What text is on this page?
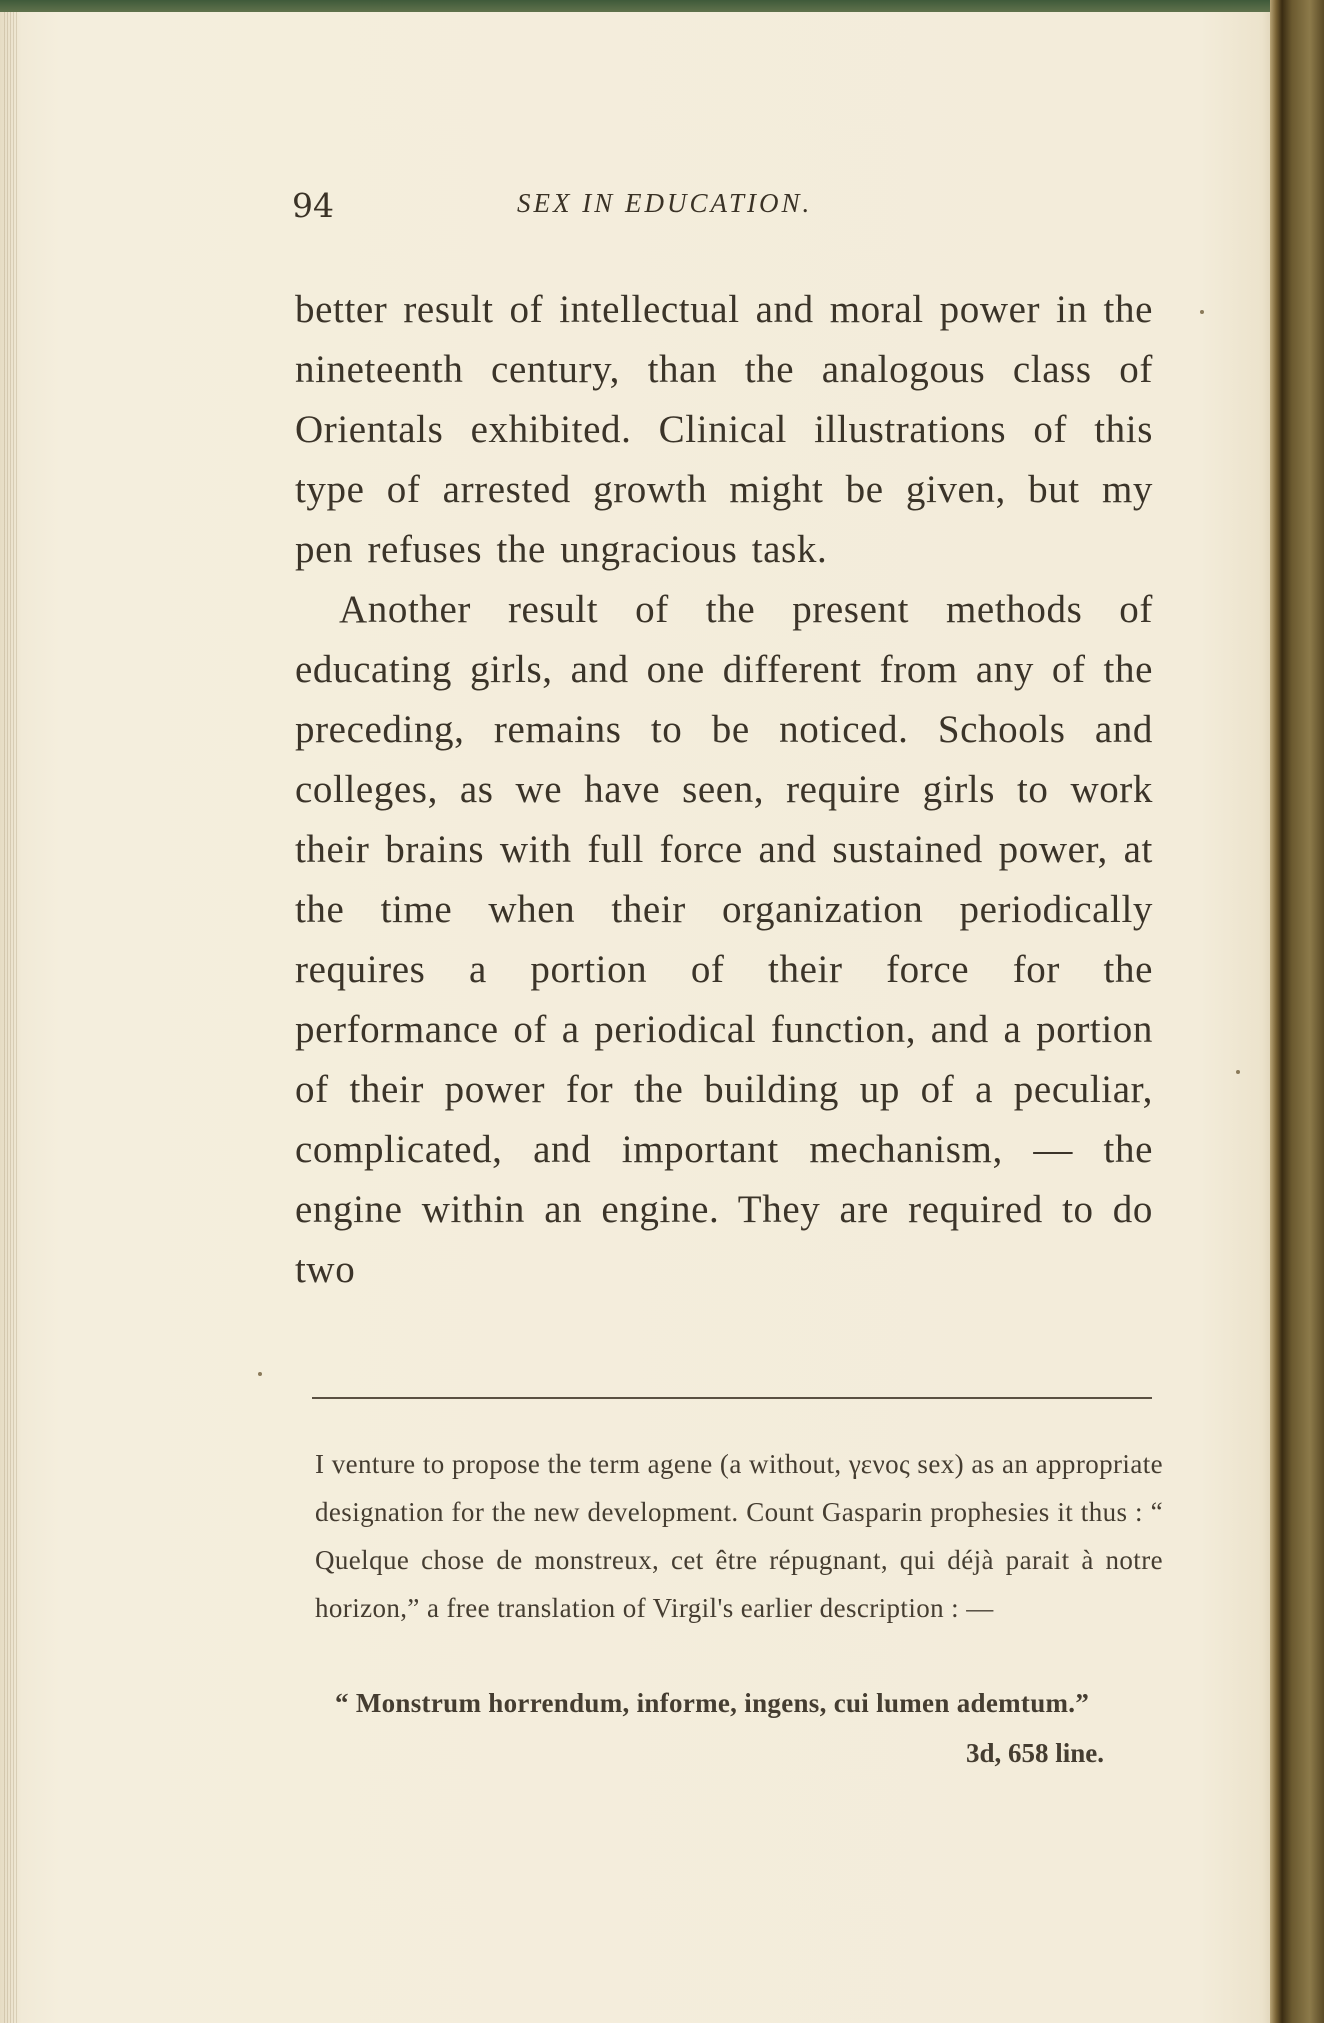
94	SEX IN EDUCATION.

better result of intellectual and moral power in the nineteenth century, than the analogous class of Orientals exhibited. Clinical illustrations of this type of arrested growth might be given, but my pen refuses the ungracious task.

Another result of the present methods of educating girls, and one different from any of the preceding, remains to be noticed. Schools and colleges, as we have seen, require girls to work their brains with full force and sustained power, at the time when their organization periodically requires a portion of their force for the performance of a periodical function, and a portion of their power for the building up of a peculiar, complicated, and important mechanism, — the engine within an engine. They are required to do two

I venture to propose the term agene (a without, γενος sex) as an appropriate designation for the new development. Count Gasparin prophesies it thus : “ Quelque chose de monstreux, cet être répugnant, qui déjà parait à notre horizon,” a free translation of Virgil's earlier description : —

“ Monstrum horrendum, informe, ingens, cui lumen ademtum.”
3d, 658 line.
